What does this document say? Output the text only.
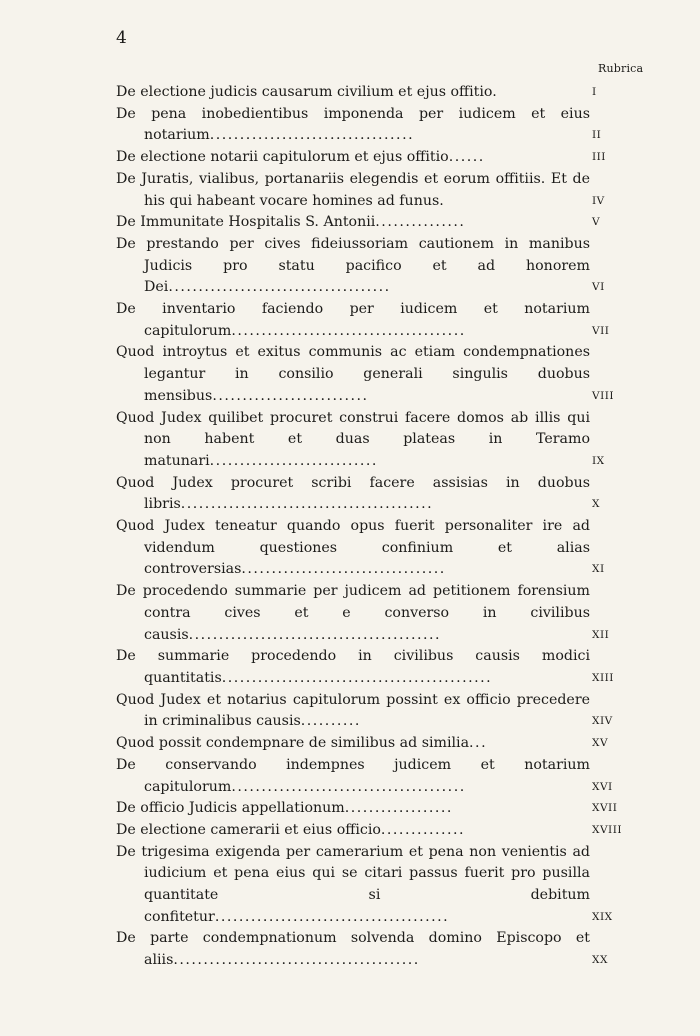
4
Rubrica
De electione judicis causarum civilium et ejus offitio.	I
De pena inobedientibus imponenda per iudicem et eius notarium..................................	II
De electione notarii capitulorum et ejus offitio......	III
De Juratis, vialibus, portanariis elegendis et eorum offitiis. Et de his qui habeant vocare homines ad funus.	IV
De Immunitate Hospitalis S. Antonii...............	V
De prestando per cives fideiussoriam cautionem in manibus Judicis pro statu pacifico et ad honorem Dei.....................................	VI
De inventario faciendo per iudicem et notarium capitulorum.......................................	VII
Quod introytus et exitus communis ac etiam condempnationes legantur in consilio generali singulis duobus mensibus..........................	VIII
Quod Judex quilibet procuret construi facere domos ab illis qui non habent et duas plateas in Teramo matunari............................	IX
Quod Judex procuret scribi facere assisias in duobus libris..........................................	X
Quod Judex teneatur quando opus fuerit personaliter ire ad videndum questiones confinium et alias controversias..................................	XI
De procedendo summarie per judicem ad petitionem forensium contra cives et e converso in civilibus causis..........................................	XII
De summarie procedendo in civilibus causis modici quantitatis.............................................	XIII
Quod Judex et notarius capitulorum possint ex officio precedere in criminalibus causis..........	XIV
Quod possit condempnare de similibus ad similia...	XV
De conservando indempnes judicem et notarium capitulorum.......................................	XVI
De officio Judicis appellationum..................	XVII
De electione camerarii et eius officio..............	XVIII
De trigesima exigenda per camerarium et pena non venientis ad iudicium et pena eius qui se citari passus fuerit pro pusilla quantitate si debitum confitetur.......................................	XIX
De parte condempnationum solvenda domino Episcopo et aliis.........................................	XX
